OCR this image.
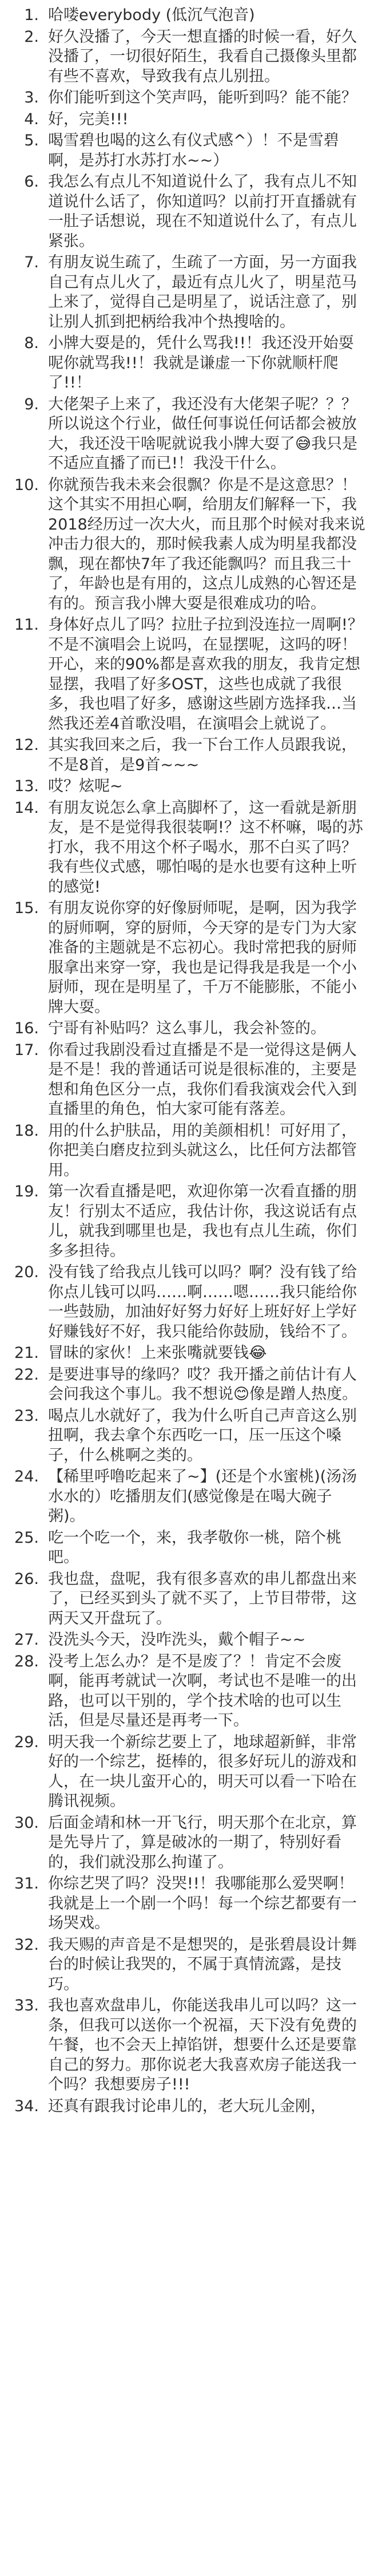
1. 哈喽everybody (低沉气泡音)
2. 好久没播了，今天一想直播的时候一看，好久没播了，一切很好陌生，我看自己摄像头里都有些不喜欢，导致我有点儿别扭。
3. 你们能听到这个笑声吗，能听到吗？能不能？
4. 好，完美!!!
5. 喝雪碧也喝的这么有仪式感^）！不是雪碧啊，是苏打水苏打水~~）
6. 我怎么有点儿不知道说什么了，我有点儿不知道说什么话了，你知道吗？以前打开直播就有一肚子话想说，现在不知道说什么了，有点儿紧张。
7. 有朋友说生疏了，生疏了一方面，另一方面我自己有点儿火了，最近有点儿火了，明星范马上来了，觉得自己是明星了，说话注意了，别让别人抓到把柄给我冲个热搜啥的。
8. 小牌大耍是的，凭什么骂我!!！我还没开始耍呢你就骂我!!！我就是谦虚一下你就顺杆爬了!!！
9. 大佬架子上来了，我还没有大佬架子呢？？？所以说这个行业，做任何事说任何话都会被放大，我还没干啥呢就说我小牌大耍了😅我只是不适应直播了而已!！我没干什么。
10. 你就预告我未来会很飘？你是不是这意思？！这个其实不用担心啊，给朋友们解释一下，我2018经历过一次大火，而且那个时候对我来说冲击力很大的，那时候我素人成为明星我都没飘，现在都快7年了我还能飘吗？而且我三十了，年龄也是有用的，这点儿成熟的心智还是有的。预言我小牌大耍是很难成功的哈。
11. 身体好点儿了吗？拉肚子拉到没连拉一周啊!？不是不演唱会上说吗，在显摆呢，这吗的呀！开心，来的90%都是喜欢我的朋友，我肯定想显摆，我唱了好多OST，这些也成就了我很多，我也唱了好多，感谢这些剧方选择我…当然我还差4首歌没唱，在演唱会上就说了。
12. 其实我回来之后，我一下台工作人员跟我说，不是8首，是9首~~~
13. 哎？炫呢~
14. 有朋友说怎么拿上高脚杯了，这一看就是新朋友，是不是觉得我很装啊!？这不杯嘛，喝的苏打水，我不用这个杯子喝水，那不白买了吗？我有些仪式感，哪怕喝的是水也要有这种上听的感觉!
15. 有朋友说你穿的好像厨师呢，是啊，因为我学的厨师啊，穿的厨师，今天穿的是专门为大家准备的主题就是不忘初心。我时常把我的厨师服拿出来穿一穿，我也是记得我是我是一个小厨师，现在是明星了，千万不能膨胀，不能小牌大耍。
16. 宁哥有补贴吗？这么事儿，我会补签的。
17. 你看过我剧没看过直播是不是一觉得这是俩人是不是！我的普通话可说是很标准的，主要是想和角色区分一点，我你们看我演戏会代入到直播里的角色，怕大家可能有落差。
18. 用的什么护肤品，用的美颜相机！可好用了，你把美白磨皮拉到头就这么，比任何方法都管用。
19. 第一次看直播是吧，欢迎你第一次看直播的朋友！行别太不适应，我估计你，我这说话有点儿，就我到哪里也是，我也有点儿生疏，你们多多担待。
20. 没有钱了给我点儿钱可以吗？啊？没有钱了给你点儿钱可以吗……啊……嗯……我只能给你一些鼓励，加油好好努力好好上班好好上学好好赚钱好不好，我只能给你鼓励，钱给不了。
21. 冒昧的家伙！上来张嘴就要钱😂
22. 是要进事导的缘吗？哎？我开播之前估计有人会问我这个事儿。我不想说😊像是蹭人热度。
23. 喝点儿水就好了，我为什么听自己声音这么别扭啊，我去拿个东西吃一口，压一压这个嗓子，什么桃啊之类的。
24. 【稀里呼噜吃起来了~】(还是个水蜜桃)(汤汤水水的）吃播朋友们(感觉像是在喝大碗子粥)。
25. 吃一个吃一个，来，我孝敬你一桃，陪个桃吧。
26. 我也盘，盘呢，我有很多喜欢的串儿都盘出来了，已经买到头了就不买了，上节目带带，这两天又开盘玩了。
27. 没洗头今天，没咋洗头，戴个帽子~~
28. 没考上怎么办？是不是废了？！肯定不会废啊，能再考就试一次啊，考试也不是唯一的出路，也可以干别的，学个技术啥的也可以生活，但是尽量还是再考一下。
29. 明天我一个新综艺要上了，地球超新鲜，非常好的一个综艺，挺棒的，很多好玩儿的游戏和人，在一块儿蛮开心的，明天可以看一下哈在腾讯视频。
30. 后面金靖和林一开飞行，明天那个在北京，算是先导片了，算是破冰的一期了，特别好看的，我们就没那么拘谨了。
31. 你综艺哭了吗？没哭!!！我哪能那么爱哭啊！我就是上一个剧一个吗！每一个综艺都要有一场哭戏。
32. 我天赐的声音是不是想哭的，是张碧晨设计舞台的时候让我哭的，不属于真情流露，是技巧。
33. 我也喜欢盘串儿，你能送我串儿可以吗？这一条，但我可以送你一个祝福，天下没有免费的午餐，也不会天上掉馅饼，想要什么还是要靠自己的努力。那你说老大我喜欢房子能送我一个吗？我想要房子!!!
34. 还真有跟我讨论串儿的，老大玩儿金刚，
